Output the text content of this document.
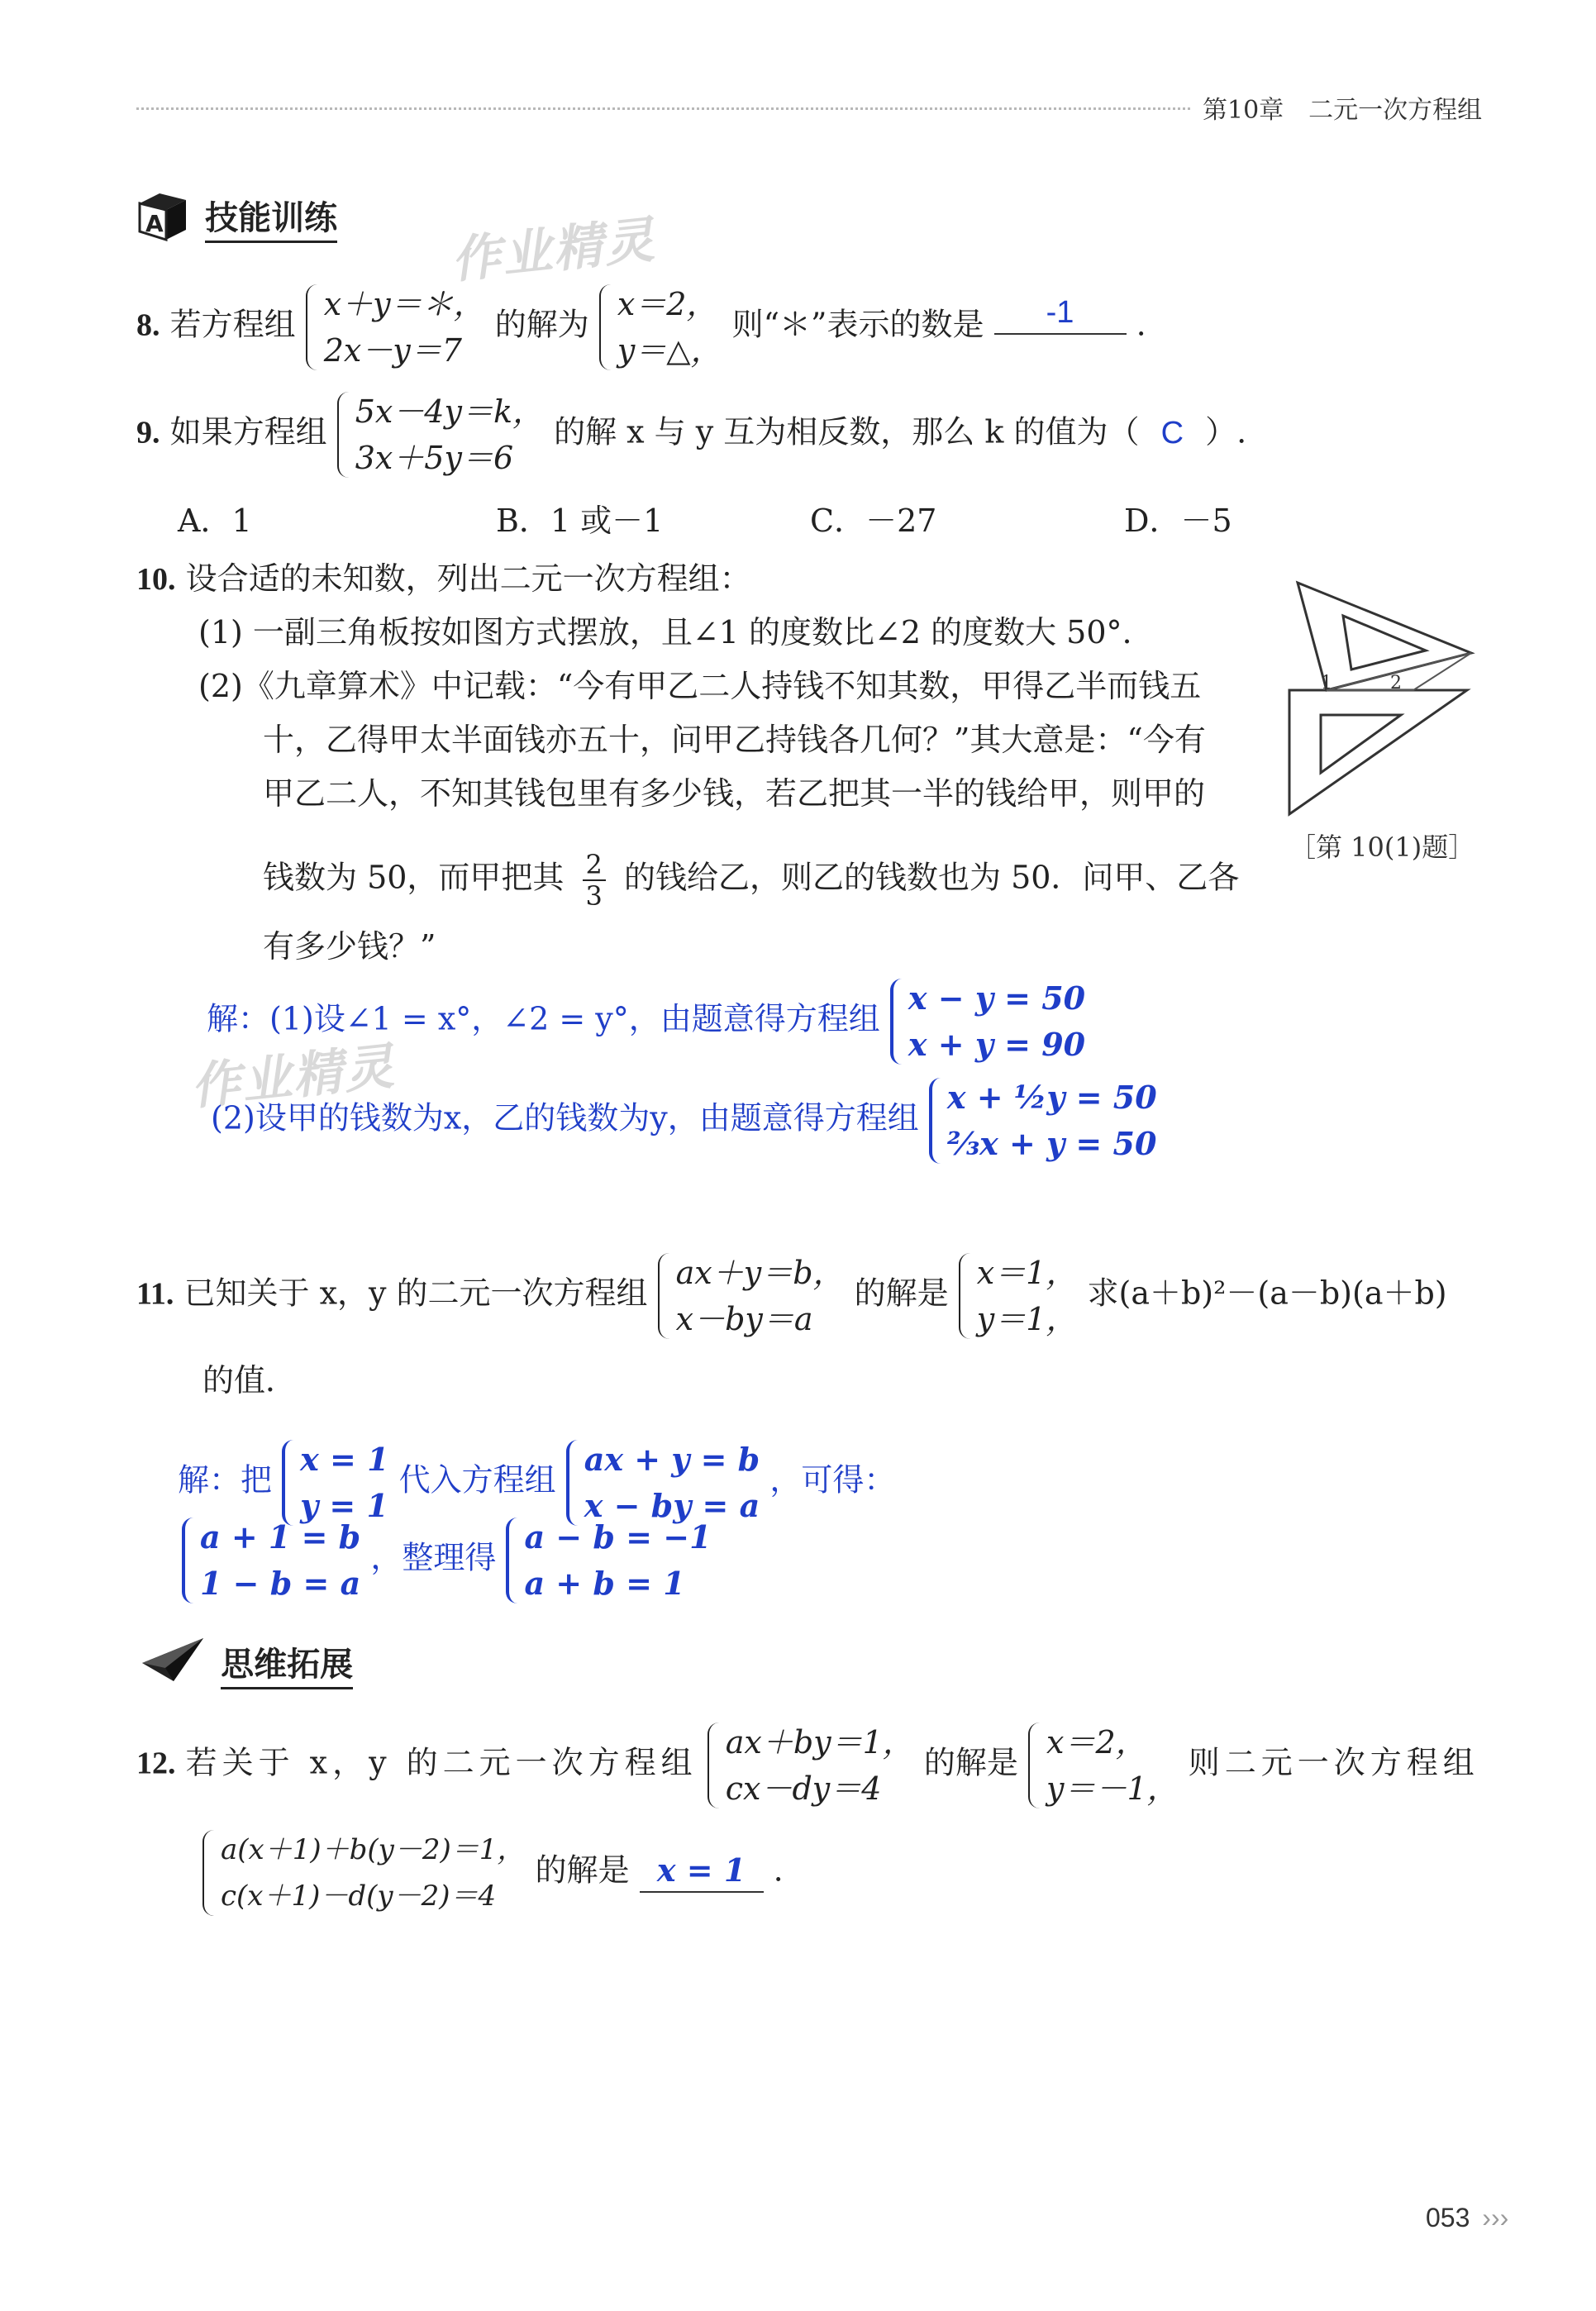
第10章　二元一次方程组
A 技能训练 作业精灵
8. 若方程组
x＋y＝＊，
2x－y＝7
的解为
x＝2，
y＝△，
则“＊”表示的数是 -1 .
9. 如果方程组
5x－4y＝k，
3x＋5y＝6
的解 x 与 y 互为相反数，那么 k 的值为（ C ）.
A．1	B．1 或－1	C．－27	D．－5
10. 设合适的未知数，列出二元一次方程组：
(1) 一副三角板按如图方式摆放，且∠1 的度数比∠2 的度数大 50°.
(2)《九章算术》中记载：“今有甲乙二人持钱不知其数，甲得乙半而钱五
十，乙得甲太半面钱亦五十，问甲乙持钱各几何？”其大意是：“今有
甲乙二人，不知其钱包里有多少钱，若乙把其一半的钱给甲，则甲的
钱数为 50，而甲把其 $\frac{2}{3}$ 的钱给乙，则乙的钱数也为 50．问甲、乙各
有多少钱？”
1	2
［第 10(1)题］
解：(1)设∠1 = x°，∠2 = y°，由题意得方程组
x − y = 50
x + y = 90
作业精灵
(2)设甲的钱数为x，乙的钱数为y，由题意得方程组
x + ½y = 50
⅔x + y = 50
11. 已知关于 x，y 的二元一次方程组
ax＋y＝b，
x－by＝a
的解是
x＝1，
y＝1，
求(a＋b)²－(a－b)(a＋b)
的值．
解：把
x = 1
y = 1
代入方程组
ax + y = b
x − by = a
，可得：
a + 1 = b
1 − b = a
，整理得
a − b = −1
a + b = 1
思维拓展
12. 若关于 x，y 的二元一次方程组
ax＋by＝1，
cx－dy＝4
的解是
x＝2，
y＝－1，
则二元一次方程组
a(x＋1)＋b(y－2)＝1，
c(x＋1)－d(y－2)＝4
的解是 x = 1 .
053 ›››
